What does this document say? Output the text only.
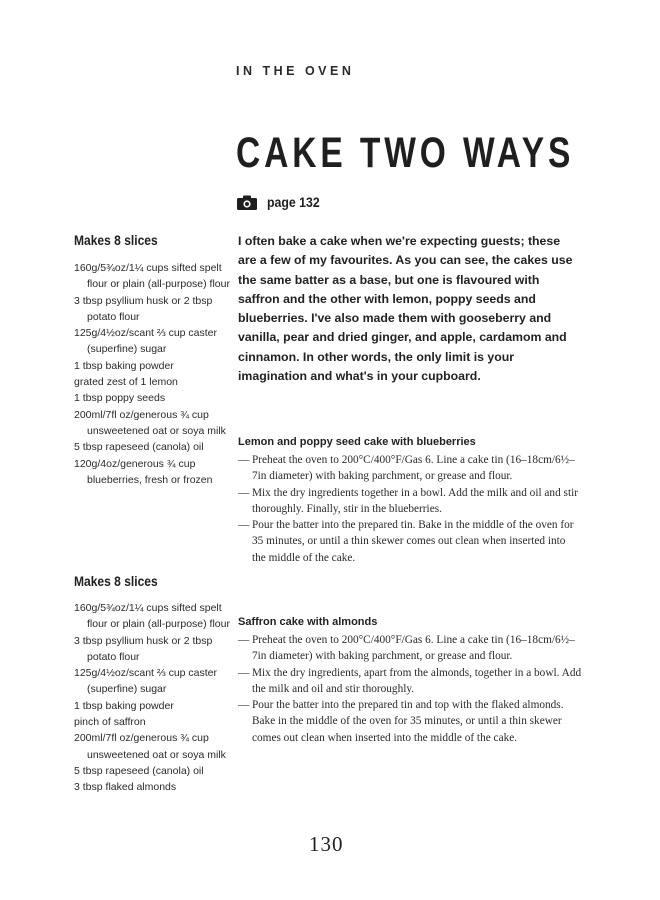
IN THE OVEN
CAKE TWO WAYS
page 132
Makes 8 slices
160g/5¾oz/1¼ cups sifted spelt flour or plain (all-purpose) flour
3 tbsp psyllium husk or 2 tbsp potato flour
125g/4½oz/scant ⅔ cup caster (superfine) sugar
1 tbsp baking powder
grated zest of 1 lemon
1 tbsp poppy seeds
200ml/7fl oz/generous ¾ cup unsweetened oat or soya milk
5 tbsp rapeseed (canola) oil
120g/4oz/generous ¾ cup blueberries, fresh or frozen
Makes 8 slices
160g/5¾oz/1¼ cups sifted spelt flour or plain (all-purpose) flour
3 tbsp psyllium husk or 2 tbsp potato flour
125g/4½oz/scant ⅔ cup caster (superfine) sugar
1 tbsp baking powder
pinch of saffron
200ml/7fl oz/generous ¾ cup unsweetened oat or soya milk
5 tbsp rapeseed (canola) oil
3 tbsp flaked almonds

I often bake a cake when we're expecting guests; these are a few of my favourites. As you can see, the cakes use the same batter as a base, but one is flavoured with saffron and the other with lemon, poppy seeds and blueberries. I've also made them with gooseberry and vanilla, pear and dried ginger, and apple, cardamom and cinnamon. In other words, the only limit is your imagination and what's in your cupboard.

Lemon and poppy seed cake with blueberries
— Preheat the oven to 200°C/400°F/Gas 6. Line a cake tin (16–18cm/6½–7in diameter) with baking parchment, or grease and flour.
— Mix the dry ingredients together in a bowl. Add the milk and oil and stir thoroughly. Finally, stir in the blueberries.
— Pour the batter into the prepared tin. Bake in the middle of the oven for 35 minutes, or until a thin skewer comes out clean when inserted into the middle of the cake.
Saffron cake with almonds
— Preheat the oven to 200°C/400°F/Gas 6. Line a cake tin (16–18cm/6½–7in diameter) with baking parchment, or grease and flour.
— Mix the dry ingredients, apart from the almonds, together in a bowl. Add the milk and oil and stir thoroughly.
— Pour the batter into the prepared tin and top with the flaked almonds. Bake in the middle of the oven for 35 minutes, or until a thin skewer comes out clean when inserted into the middle of the cake.
130
